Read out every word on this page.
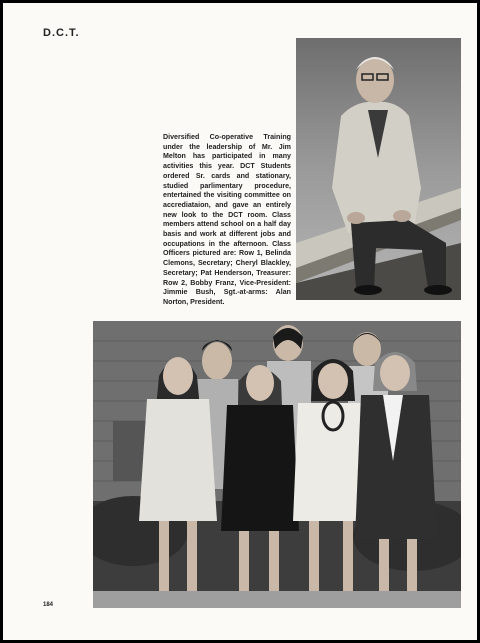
D.C.T.
Diversified Co-operative Training under the leadership of Mr. Jim Melton has participated in many activities this year. DCT Students ordered Sr. cards and stationary, studied parlimentary procedure, entertained the visiting committee on accrediataion, and gave an entirely new look to the DCT room. Class members attend school on a half day basis and work at different jobs and occupations in the afternoon. Class Officers pictured are: Row 1, Belinda Clemons, Secretary; Cheryl Blackley, Secretary; Pat Henderson, Treasurer: Row 2, Bobby Franz, Vice-President: Jimmie Bush, Sgt.-at-arms: Alan Norton, President.
184
